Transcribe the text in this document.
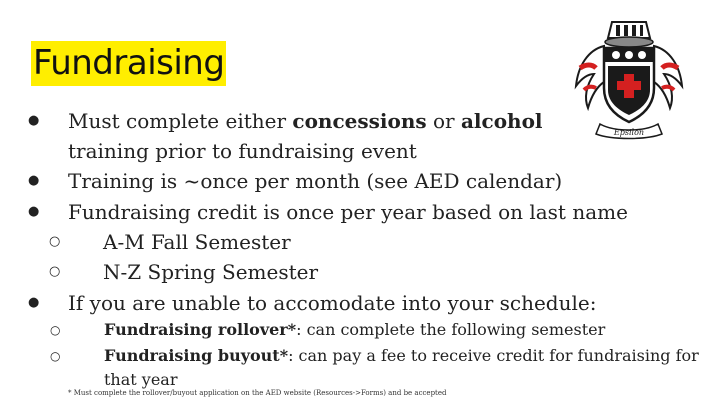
Fundraising
Epsilon
● Must complete either concessions or alcohol
training prior to fundraising event
● Training is ~once per month (see AED calendar)
● Fundraising credit is once per year based on last name
○ A-M Fall Semester
○ N-Z Spring Semester
● If you are unable to accomodate into your schedule:
○	Fundraising rollover*: can complete the following semester
○	Fundraising buyout*: can pay a fee to receive credit for fundraising for
that year
* Must complete the rollover/buyout application on the AED website (Resources->Forms) and be accepted
